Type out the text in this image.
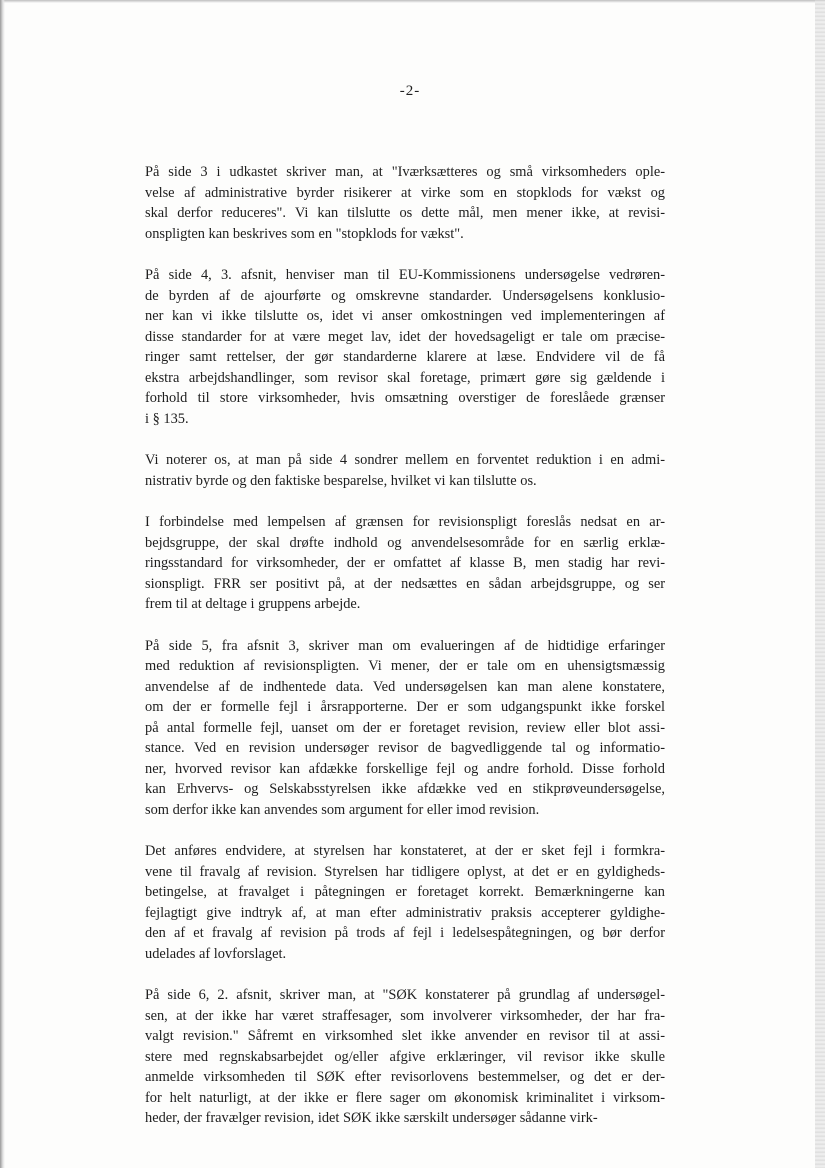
-2-
På side 3 i udkastet skriver man, at "Iværksætteres og små virksomheders ople-
velse af administrative byrder risikerer at virke som en stopklods for vækst og
skal derfor reduceres". Vi kan tilslutte os dette mål, men mener ikke, at revisi-
onspligten kan beskrives som en "stopklods for vækst".
På side 4, 3. afsnit, henviser man til EU-Kommissionens undersøgelse vedrøren-
de byrden af de ajourførte og omskrevne standarder. Undersøgelsens konklusio-
ner kan vi ikke tilslutte os, idet vi anser omkostningen ved implementeringen af
disse standarder for at være meget lav, idet der hovedsageligt er tale om præcise-
ringer samt rettelser, der gør standarderne klarere at læse. Endvidere vil de få
ekstra arbejdshandlinger, som revisor skal foretage, primært gøre sig gældende i
forhold til store virksomheder, hvis omsætning overstiger de foreslåede grænser
i § 135.
Vi noterer os, at man på side 4 sondrer mellem en forventet reduktion i en admi-
nistrativ byrde og den faktiske besparelse, hvilket vi kan tilslutte os.
I forbindelse med lempelsen af grænsen for revisionspligt foreslås nedsat en ar-
bejdsgruppe, der skal drøfte indhold og anvendelsesområde for en særlig erklæ-
ringsstandard for virksomheder, der er omfattet af klasse B, men stadig har revi-
sionspligt. FRR ser positivt på, at der nedsættes en sådan arbejdsgruppe, og ser
frem til at deltage i gruppens arbejde.
På side 5, fra afsnit 3, skriver man om evalueringen af de hidtidige erfaringer
med reduktion af revisionspligten. Vi mener, der er tale om en uhensigtsmæssig
anvendelse af de indhentede data. Ved undersøgelsen kan man alene konstatere,
om der er formelle fejl i årsrapporterne. Der er som udgangspunkt ikke forskel
på antal formelle fejl, uanset om der er foretaget revision, review eller blot assi-
stance. Ved en revision undersøger revisor de bagvedliggende tal og informatio-
ner, hvorved revisor kan afdække forskellige fejl og andre forhold. Disse forhold
kan Erhvervs- og Selskabsstyrelsen ikke afdække ved en stikprøveundersøgelse,
som derfor ikke kan anvendes som argument for eller imod revision.
Det anføres endvidere, at styrelsen har konstateret, at der er sket fejl i formkra-
vene til fravalg af revision. Styrelsen har tidligere oplyst, at det er en gyldigheds-
betingelse, at fravalget i påtegningen er foretaget korrekt. Bemærkningerne kan
fejlagtigt give indtryk af, at man efter administrativ praksis accepterer gyldighe-
den af et fravalg af revision på trods af fejl i ledelsespåtegningen, og bør derfor
udelades af lovforslaget.
På side 6, 2. afsnit, skriver man, at "SØK konstaterer på grundlag af undersøgel-
sen, at der ikke har været straffesager, som involverer virksomheder, der har fra-
valgt revision." Såfremt en virksomhed slet ikke anvender en revisor til at assi-
stere med regnskabsarbejdet og/eller afgive erklæringer, vil revisor ikke skulle
anmelde virksomheden til SØK efter revisorlovens bestemmelser, og det er der-
for helt naturligt, at der ikke er flere sager om økonomisk kriminalitet i virksom-
heder, der fravælger revision, idet SØK ikke særskilt undersøger sådanne virk-
